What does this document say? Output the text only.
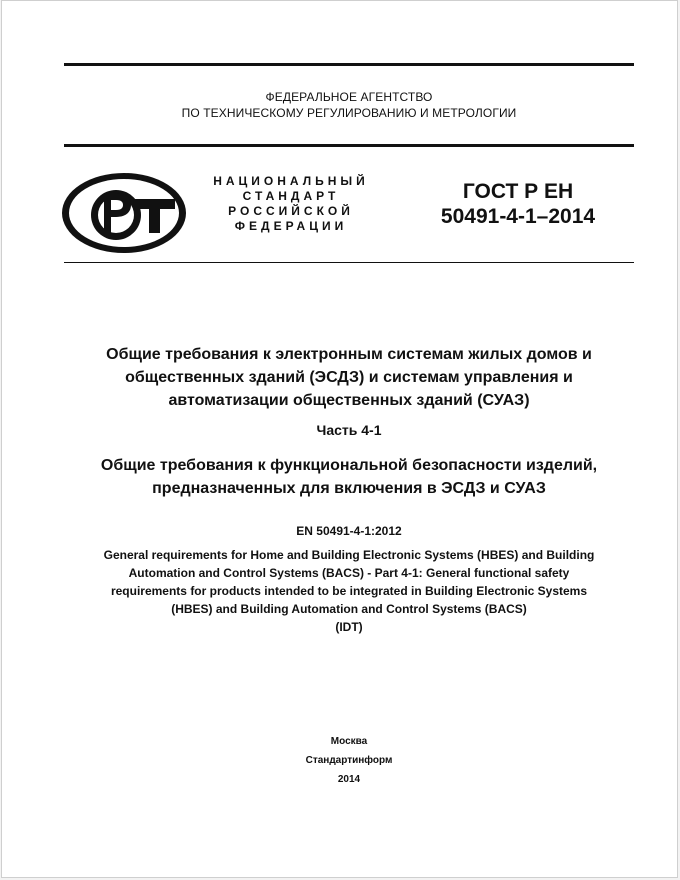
ФЕДЕРАЛЬНОЕ АГЕНТСТВО
ПО ТЕХНИЧЕСКОМУ РЕГУЛИРОВАНИЮ И МЕТРОЛОГИИ
НАЦИОНАЛЬНЫЙ
СТАНДАРТ
РОССИЙСКОЙ
ФЕДЕРАЦИИ
ГОСТ Р ЕН
50491-4-1–2014
Общие требования к электронным системам жилых домов и
общественных зданий (ЭСДЗ) и системам управления и
автоматизации общественных зданий (СУАЗ)
Часть 4-1
Общие требования к функциональной безопасности изделий,
предназначенных для включения в ЭСДЗ и СУАЗ
EN 50491-4-1:2012
General requirements for Home and Building Electronic Systems (HBES) and Building
Automation and Control Systems (BACS) - Part 4-1: General functional safety
requirements for products intended to be integrated in Building Electronic Systems
(HBES) and Building Automation and Control Systems (BACS)
(IDT)
Москва
Стандартинформ
2014
